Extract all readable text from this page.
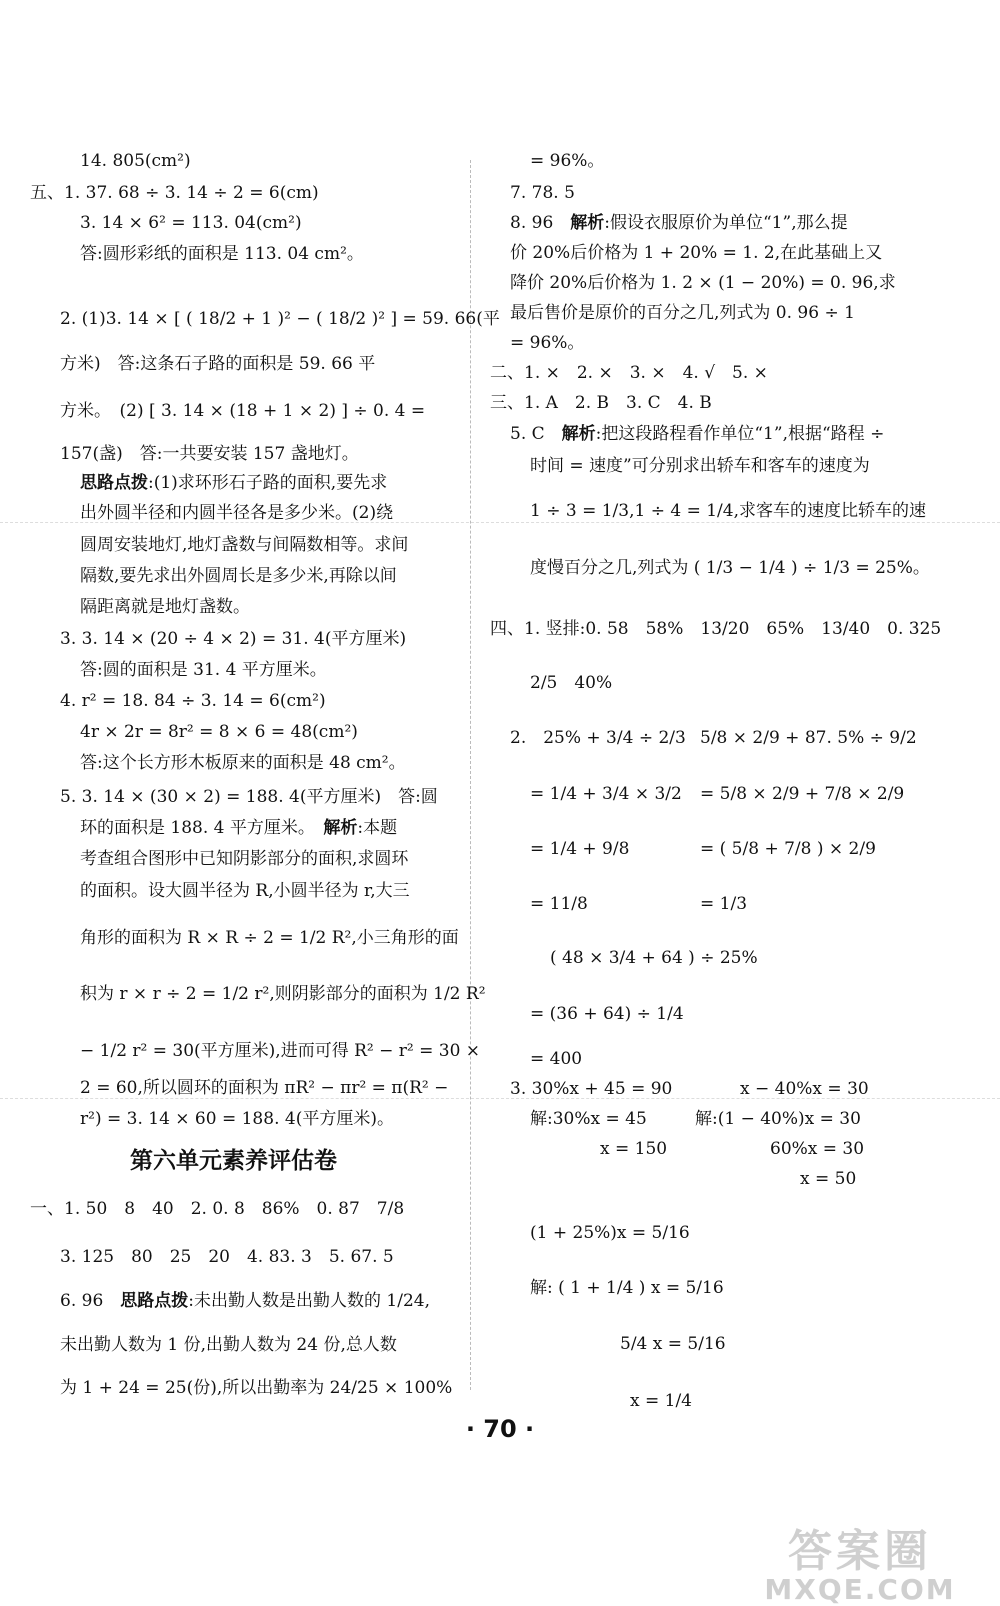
14. 805(cm²)
五、1. 37. 68 ÷ 3. 14 ÷ 2 = 6(cm)
3. 14 × 6² = 113. 04(cm²)
答:圆形彩纸的面积是 113. 04 cm²。
2. (1)3. 14 × [ ( 18/2 + 1 )² − ( 18/2 )² ] = 59. 66(平
方米)　答:这条石子路的面积是 59. 66 平
方米。　(2) [ 3. 14 × (18 + 1 × 2) ] ÷ 0. 4 =
157(盏)　答:一共要安装 157 盏地灯。
思路点拨:(1)求环形石子路的面积,要先求
出外圆半径和内圆半径各是多少米。(2)绕
圆周安装地灯,地灯盏数与间隔数相等。求间
隔数,要先求出外圆周长是多少米,再除以间
隔距离就是地灯盏数。
3. 3. 14 × (20 ÷ 4 × 2) = 31. 4(平方厘米)
答:圆的面积是 31. 4 平方厘米。
4. r² = 18. 84 ÷ 3. 14 = 6(cm²)
4r × 2r = 8r² = 8 × 6 = 48(cm²)
答:这个长方形木板原来的面积是 48 cm²。
5. 3. 14 × (30 × 2) = 188. 4(平方厘米)　答:圆
环的面积是 188. 4 平方厘米。　解析:本题
考查组合图形中已知阴影部分的面积,求圆环
的面积。设大圆半径为 R,小圆半径为 r,大三
角形的面积为 R × R ÷ 2 = 1/2 R²,小三角形的面
积为 r × r ÷ 2 = 1/2 r²,则阴影部分的面积为 1/2 R²
− 1/2 r² = 30(平方厘米),进而可得 R² − r² = 30 ×
2 = 60,所以圆环的面积为 πR² − πr² = π(R² −
r²) = 3. 14 × 60 = 188. 4(平方厘米)。
第六单元素养评估卷
一、1. 50　8　40　2. 0. 8　86%　0. 87　7/8
3. 125　80　25　20　4. 83. 3　5. 67. 5
6. 96　思路点拨:未出勤人数是出勤人数的 1/24,
未出勤人数为 1 份,出勤人数为 24 份,总人数
为 1 + 24 = 25(份),所以出勤率为 24/25 × 100%
= 96%。
7. 78. 5
8. 96　解析:假设衣服原价为单位“1”,那么提
价 20%后价格为 1 + 20% = 1. 2,在此基础上又
降价 20%后价格为 1. 2 × (1 − 20%) = 0. 96,求
最后售价是原价的百分之几,列式为 0. 96 ÷ 1
= 96%。
二、1. ×　2. ×　3. ×　4. √　5. ×
三、1. A　2. B　3. C　4. B
5. C　解析:把这段路程看作单位“1”,根据“路程 ÷
时间 = 速度”可分别求出轿车和客车的速度为
1 ÷ 3 = 1/3,1 ÷ 4 = 1/4,求客车的速度比轿车的速
度慢百分之几,列式为 ( 1/3 − 1/4 ) ÷ 1/3 = 25%。
四、1. 竖排:0. 58　58%　13/20　65%　13/40　0. 325
2/5　40%
2.　25% + 3/4 ÷ 2/3 5/8 × 2/9 + 87. 5% ÷ 9/2
= 1/4 + 3/4 × 3/2 = 5/8 × 2/9 + 7/8 × 2/9
= 1/4 + 9/8	= ( 5/8 + 7/8 ) × 2/9
= 11/8	= 1/3
( 48 × 3/4 + 64 ) ÷ 25%
= (36 + 64) ÷ 1/4
= 400
3. 30%x + 45 = 90	x − 40%x = 30
解:30%x = 45	解:(1 − 40%)x = 30
x = 150	60%x = 30
x = 50
(1 + 25%)x = 5/16
解: ( 1 + 1/4 ) x = 5/16
5/4 x = 5/16
x = 1/4
· 70 ·
答案圈
MXQE.COM
